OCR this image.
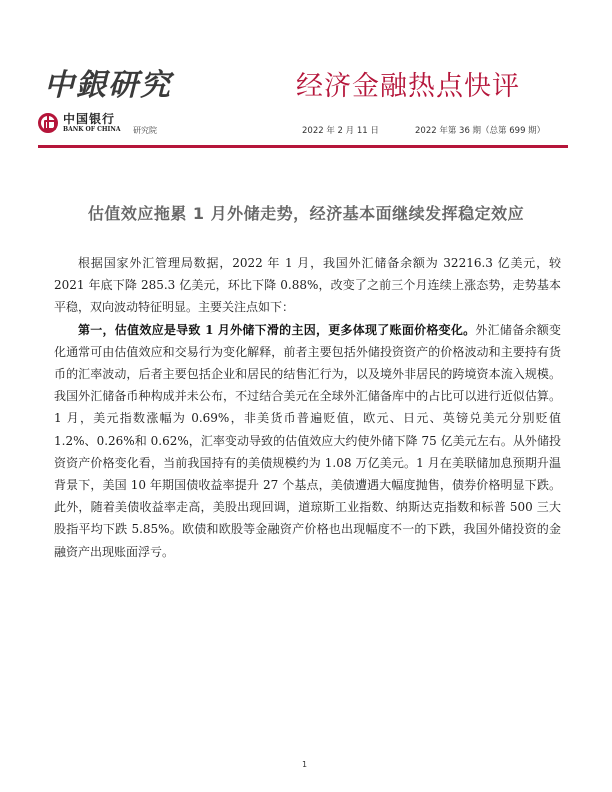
中銀研究
中国银行
BANK OF CHINA 研究院
经济金融热点快评
2022 年 2 月 11 日	2022 年第 36 期（总第 699 期）
估值效应拖累 1 月外储走势，经济基本面继续发挥稳定效应

根据国家外汇管理局数据，2022 年 1 月，我国外汇储备余额为 32216.3 亿美元，较 2021 年底下降 285.3 亿美元，环比下降 0.88%，改变了之前三个月连续上涨态势，走势基本平稳，双向波动特征明显。主要关注点如下：

第一，估值效应是导致 1 月外储下滑的主因，更多体现了账面价格变化。外汇储备余额变化通常可由估值效应和交易行为变化解释，前者主要包括外储投资资产的价格波动和主要持有货币的汇率波动，后者主要包括企业和居民的结售汇行为，以及境外非居民的跨境资本流入规模。我国外汇储备币种构成并未公布，不过结合美元在全球外汇储备库中的占比可以进行近似估算。1 月，美元指数涨幅为 0.69%，非美货币普遍贬值，欧元、日元、英镑兑美元分别贬值 1.2%、0.26%和 0.62%，汇率变动导致的估值效应大约使外储下降 75 亿美元左右。从外储投资资产价格变化看，当前我国持有的美债规模约为 1.08 万亿美元。1 月在美联储加息预期升温背景下，美国 10 年期国债收益率提升 27 个基点，美债遭遇大幅度抛售，债券价格明显下跌。此外，随着美债收益率走高，美股出现回调，道琼斯工业指数、纳斯达克指数和标普 500 三大股指平均下跌 5.85%。欧债和欧股等金融资产价格也出现幅度不一的下跌，我国外储投资的金融资产出现账面浮亏。

1
